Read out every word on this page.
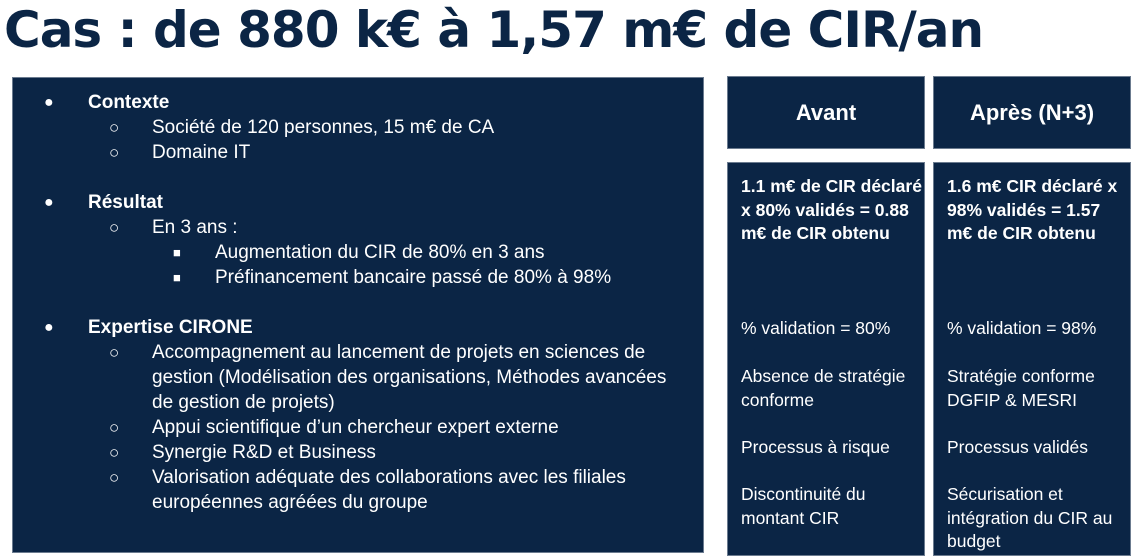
Cas : de 880 k€ à 1,57 m€ de CIR/an
● Contexte
○ Société de 120 personnes, 15 m€ de CA
○ Domaine IT
● Résultat
○ En 3 ans :
■ Augmentation du CIR de 80% en 3 ans
■ Préfinancement bancaire passé de 80% à 98%
● Expertise CIRONE
○ Accompagnement au lancement de projets en sciences de gestion (Modélisation des organisations, Méthodes avancées de gestion de projets)
○ Appui scientifique d’un chercheur expert externe
○ Synergie R&D et Business
○ Valorisation adéquate des collaborations avec les filiales européennes agréées du groupe
Avant	Après (N+3)
1.1 m€ de CIR déclaré x 80% validés = 0.88 m€ de CIR obtenu
% validation = 80%
Absence de stratégie conforme
Processus à risque
Discontinuité du montant CIR
1.6 m€ CIR déclaré x 98% validés = 1.57 m€ de CIR obtenu
% validation = 98%
Stratégie conforme DGFIP & MESRI
Processus validés
Sécurisation et intégration du CIR au budget
